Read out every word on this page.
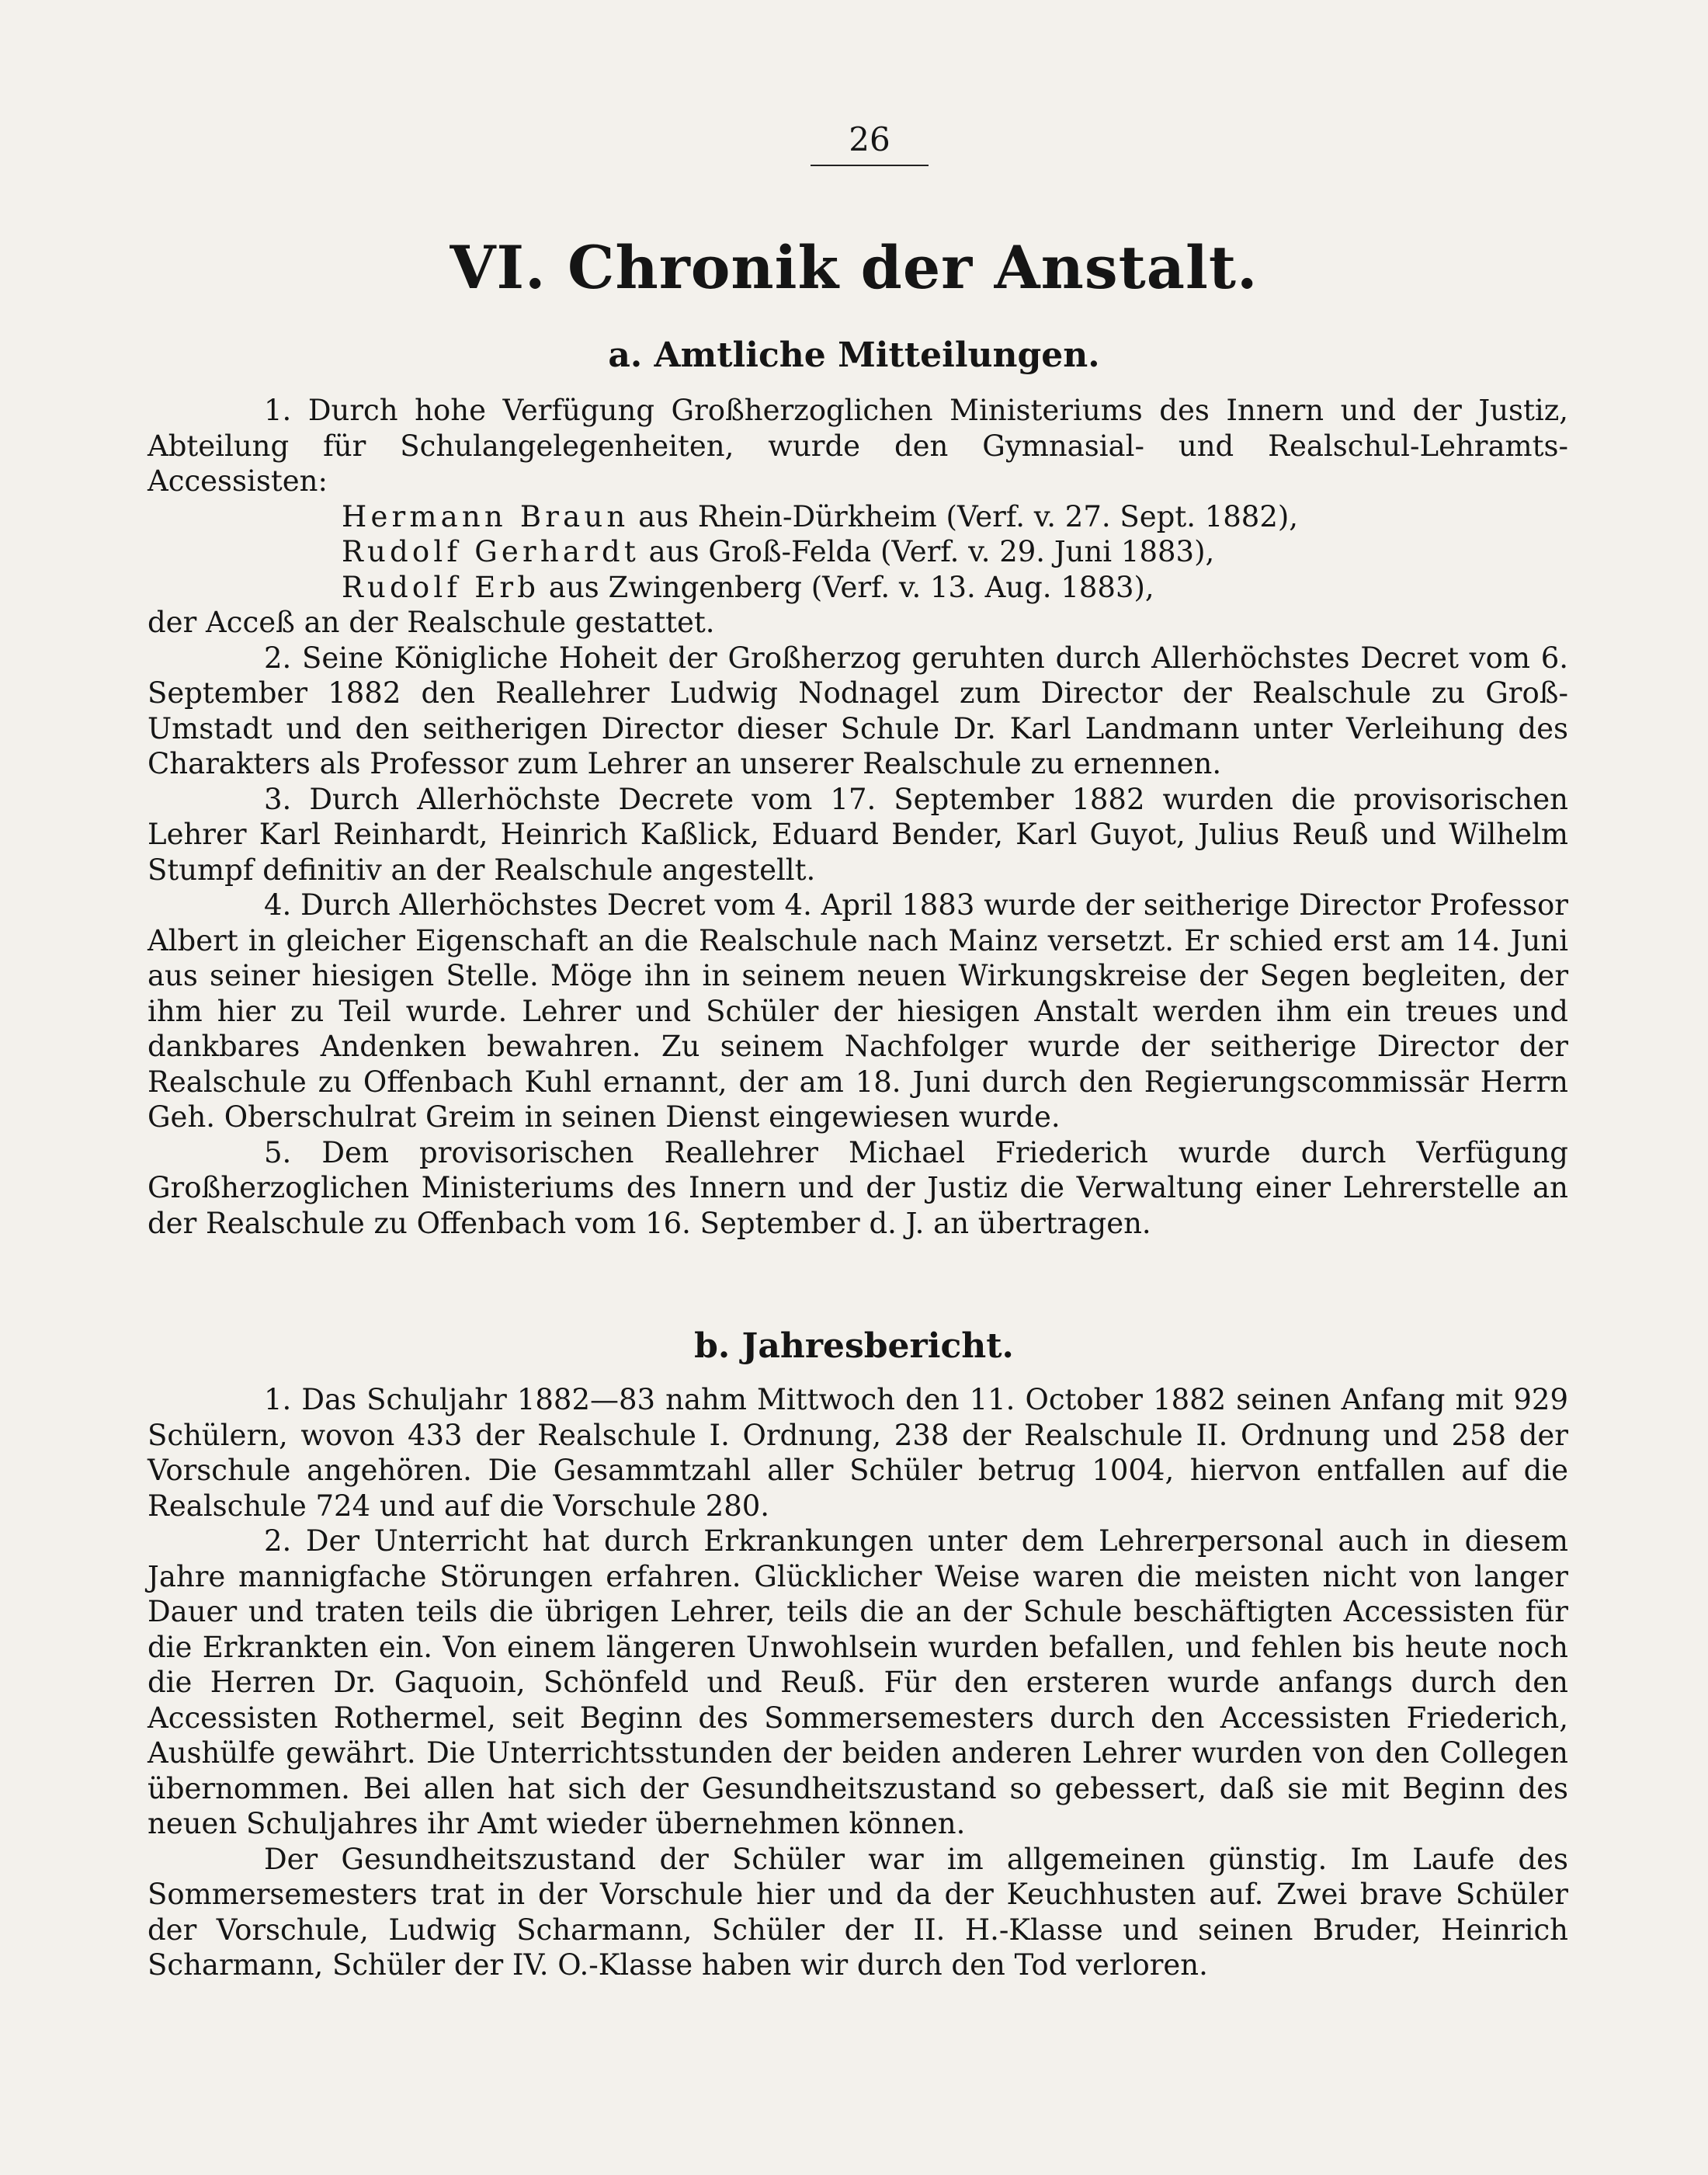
26
VI. Chronik der Anstalt.
a. Amtliche Mitteilungen.

1. Durch hohe Verfügung Großherzoglichen Ministeriums des Innern und der Justiz, Abteilung für Schulangelegenheiten, wurde den Gymnasial- und Realschul-Lehramts-Accessisten:

Hermann Braun aus Rhein-Dürkheim (Verf. v. 27. Sept. 1882),

Rudolf Gerhardt aus Groß-Felda (Verf. v. 29. Juni 1883),

Rudolf Erb aus Zwingenberg (Verf. v. 13. Aug. 1883),

der Acceß an der Realschule gestattet.

2. Seine Königliche Hoheit der Großherzog geruhten durch Allerhöchstes Decret vom 6. September 1882 den Reallehrer Ludwig Nodnagel zum Director der Realschule zu Groß-Umstadt und den seitherigen Director dieser Schule Dr. Karl Landmann unter Verleihung des Charakters als Professor zum Lehrer an unserer Realschule zu ernennen.

3. Durch Allerhöchste Decrete vom 17. September 1882 wurden die provisorischen Lehrer Karl Reinhardt, Heinrich Kaßlick, Eduard Bender, Karl Guyot, Julius Reuß und Wilhelm Stumpf definitiv an der Realschule angestellt.

4. Durch Allerhöchstes Decret vom 4. April 1883 wurde der seitherige Director Professor Albert in gleicher Eigenschaft an die Realschule nach Mainz versetzt. Er schied erst am 14. Juni aus seiner hiesigen Stelle. Möge ihn in seinem neuen Wirkungskreise der Segen begleiten, der ihm hier zu Teil wurde. Lehrer und Schüler der hiesigen Anstalt werden ihm ein treues und dankbares Andenken bewahren. Zu seinem Nachfolger wurde der seitherige Director der Realschule zu Offenbach Kuhl ernannt, der am 18. Juni durch den Regierungscommissär Herrn Geh. Oberschulrat Greim in seinen Dienst eingewiesen wurde.

5. Dem provisorischen Reallehrer Michael Friederich wurde durch Verfügung Großherzoglichen Ministeriums des Innern und der Justiz die Verwaltung einer Lehrerstelle an der Realschule zu Offenbach vom 16. September d. J. an übertragen.

b. Jahresbericht.

1. Das Schuljahr 1882—83 nahm Mittwoch den 11. October 1882 seinen Anfang mit 929 Schülern, wovon 433 der Realschule I. Ordnung, 238 der Realschule II. Ordnung und 258 der Vorschule angehören. Die Gesammtzahl aller Schüler betrug 1004, hiervon entfallen auf die Realschule 724 und auf die Vorschule 280.

2. Der Unterricht hat durch Erkrankungen unter dem Lehrerpersonal auch in diesem Jahre mannigfache Störungen erfahren. Glücklicher Weise waren die meisten nicht von langer Dauer und traten teils die übrigen Lehrer, teils die an der Schule beschäftigten Accessisten für die Erkrankten ein. Von einem längeren Unwohlsein wurden befallen, und fehlen bis heute noch die Herren Dr. Gaquoin, Schönfeld und Reuß. Für den ersteren wurde anfangs durch den Accessisten Rothermel, seit Beginn des Sommersemesters durch den Accessisten Friederich, Aushülfe gewährt. Die Unterrichtsstunden der beiden anderen Lehrer wurden von den Collegen übernommen. Bei allen hat sich der Gesundheitszustand so gebessert, daß sie mit Beginn des neuen Schuljahres ihr Amt wieder übernehmen können.

Der Gesundheitszustand der Schüler war im allgemeinen günstig. Im Laufe des Sommersemesters trat in der Vorschule hier und da der Keuchhusten auf. Zwei brave Schüler der Vorschule, Ludwig Scharmann, Schüler der II. H.-Klasse und seinen Bruder, Heinrich Scharmann, Schüler der IV. O.-Klasse haben wir durch den Tod verloren.
